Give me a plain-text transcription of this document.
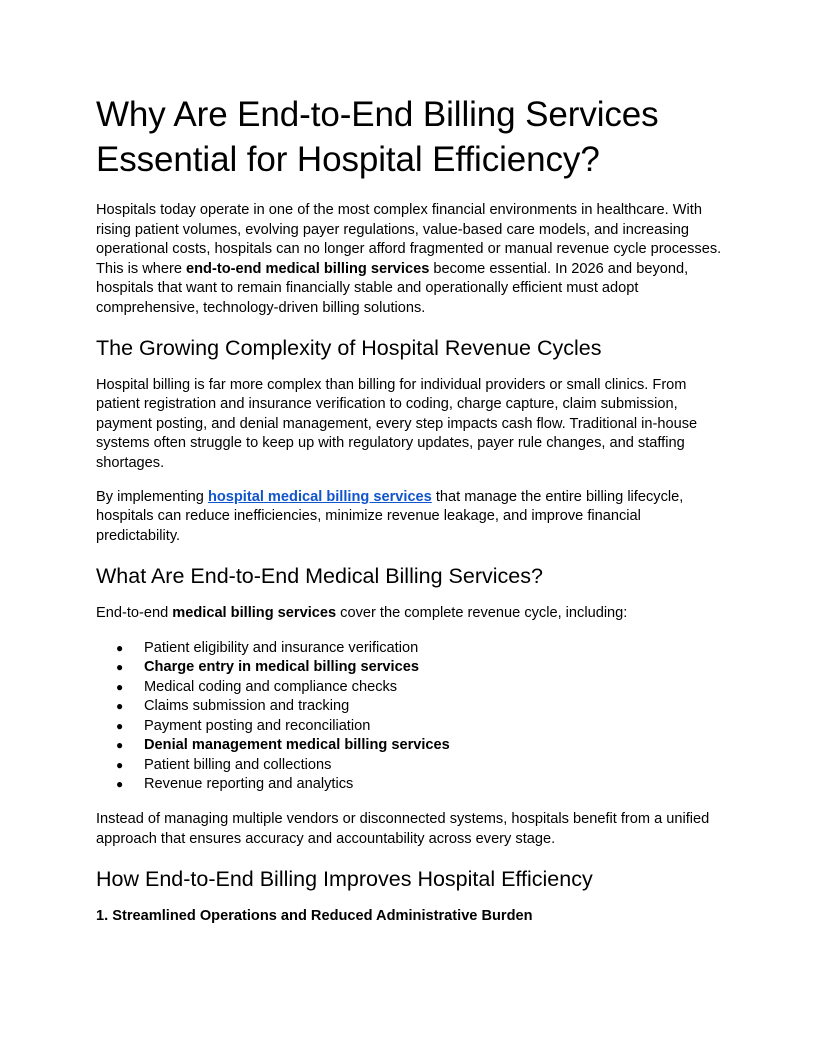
Why Are End-to-End Billing Services Essential for Hospital Efficiency?

Hospitals today operate in one of the most complex financial environments in healthcare. With rising patient volumes, evolving payer regulations, value-based care models, and increasing operational costs, hospitals can no longer afford fragmented or manual revenue cycle processes. This is where end-to-end medical billing services become essential. In 2026 and beyond, hospitals that want to remain financially stable and operationally efficient must adopt comprehensive, technology-driven billing solutions.

The Growing Complexity of Hospital Revenue Cycles

Hospital billing is far more complex than billing for individual providers or small clinics. From patient registration and insurance verification to coding, charge capture, claim submission, payment posting, and denial management, every step impacts cash flow. Traditional in-house systems often struggle to keep up with regulatory updates, payer rule changes, and staffing shortages.

By implementing hospital medical billing services that manage the entire billing lifecycle, hospitals can reduce inefficiencies, minimize revenue leakage, and improve financial predictability.

What Are End-to-End Medical Billing Services?

End-to-end medical billing services cover the complete revenue cycle, including:

● Patient eligibility and insurance verification
● Charge entry in medical billing services
● Medical coding and compliance checks
● Claims submission and tracking
● Payment posting and reconciliation
● Denial management medical billing services
● Patient billing and collections
● Revenue reporting and analytics

Instead of managing multiple vendors or disconnected systems, hospitals benefit from a unified approach that ensures accuracy and accountability across every stage.

How End-to-End Billing Improves Hospital Efficiency

1. Streamlined Operations and Reduced Administrative Burden
